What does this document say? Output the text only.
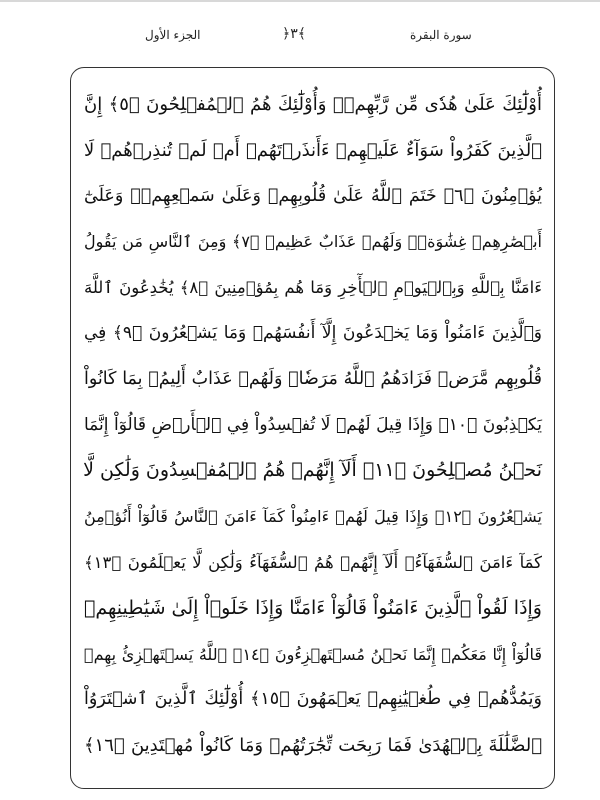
الجزء الأول	﴿٣﴾	سورة البقرة
أُوْلَٰٓئِكَ عَلَىٰ هُدٗى مِّن رَّبِّهِمۡۖ وَأُوْلَٰٓئِكَ هُمُ ٱلۡمُفۡلِحُونَ ﴿٥﴾ إِنَّ
ٱلَّذِينَ كَفَرُواْ سَوَآءٌ عَلَيۡهِمۡ ءَأَنذَرۡتَهُمۡ أَمۡ لَمۡ تُنذِرۡهُمۡ لَا
يُؤۡمِنُونَ ﴿٦﴾ خَتَمَ ٱللَّهُ عَلَىٰ قُلُوبِهِمۡ وَعَلَىٰ سَمۡعِهِمۡۖ وَعَلَىٰٓ
أَبۡصَٰرِهِمۡ غِشَٰوَةٞۖ وَلَهُمۡ عَذَابٌ عَظِيمٞ ﴿٧﴾ وَمِنَ ٱلنَّاسِ مَن يَقُولُ
ءَامَنَّا بِٱللَّهِ وَبِٱلۡيَوۡمِ ٱلۡأٓخِرِ وَمَا هُم بِمُؤۡمِنِينَ ﴿٨﴾ يُخَٰدِعُونَ ٱللَّهَ
وَٱلَّذِينَ ءَامَنُواْ وَمَا يَخۡدَعُونَ إِلَّآ أَنفُسَهُمۡ وَمَا يَشۡعُرُونَ ﴿٩﴾ فِي
قُلُوبِهِم مَّرَضٞ فَزَادَهُمُ ٱللَّهُ مَرَضٗاۖ وَلَهُمۡ عَذَابٌ أَلِيمُۢ بِمَا كَانُواْ
يَكۡذِبُونَ ﴿١٠﴾ وَإِذَا قِيلَ لَهُمۡ لَا تُفۡسِدُواْ فِي ٱلۡأَرۡضِ قَالُوٓاْ إِنَّمَا
نَحۡنُ مُصۡلِحُونَ ﴿١١﴾ أَلَآ إِنَّهُمۡ هُمُ ٱلۡمُفۡسِدُونَ وَلَٰكِن لَّا
يَشۡعُرُونَ ﴿١٢﴾ وَإِذَا قِيلَ لَهُمۡ ءَامِنُواْ كَمَآ ءَامَنَ ٱلنَّاسُ قَالُوٓاْ أَنُؤۡمِنُ
كَمَآ ءَامَنَ ٱلسُّفَهَآءُۗ أَلَآ إِنَّهُمۡ هُمُ ٱلسُّفَهَآءُ وَلَٰكِن لَّا يَعۡلَمُونَ ﴿١٣﴾
وَإِذَا لَقُواْ ٱلَّذِينَ ءَامَنُواْ قَالُوٓاْ ءَامَنَّا وَإِذَا خَلَوۡاْ إِلَىٰ شَيَٰطِينِهِمۡ
قَالُوٓاْ إِنَّا مَعَكُمۡ إِنَّمَا نَحۡنُ مُسۡتَهۡزِءُونَ ﴿١٤﴾ ٱللَّهُ يَسۡتَهۡزِئُ بِهِمۡ
وَيَمُدُّهُمۡ فِي طُغۡيَٰنِهِمۡ يَعۡمَهُونَ ﴿١٥﴾ أُوْلَٰٓئِكَ ٱلَّذِينَ ٱشۡتَرَوُاْ
ٱلضَّلَٰلَةَ بِٱلۡهُدَىٰ فَمَا رَبِحَت تِّجَٰرَتُهُمۡ وَمَا كَانُواْ مُهۡتَدِينَ ﴿١٦﴾
